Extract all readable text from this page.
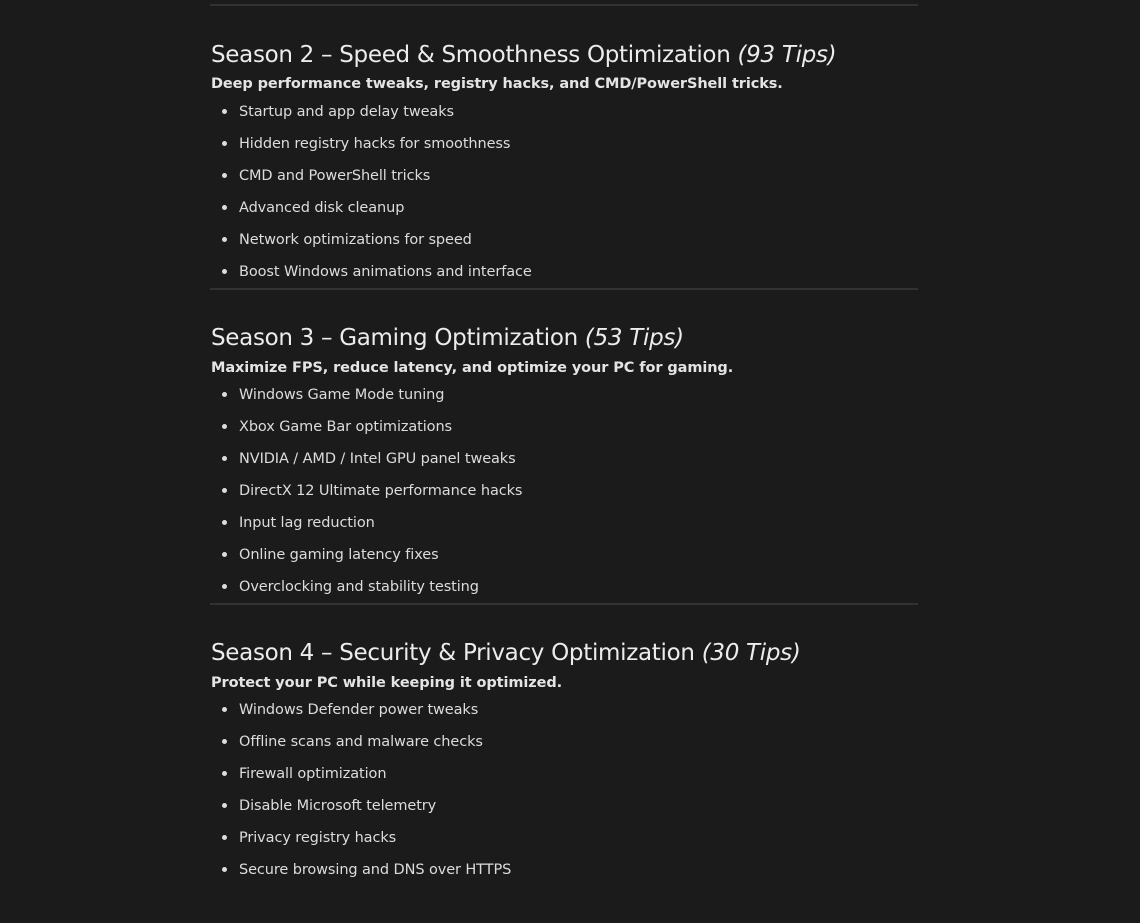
Season 2 – Speed & Smoothness Optimization (93 Tips)

Deep performance tweaks, registry hacks, and CMD/PowerShell tricks.

Startup and app delay tweaks
Hidden registry hacks for smoothness
CMD and PowerShell tricks
Advanced disk cleanup
Network optimizations for speed
Boost Windows animations and interface
Season 3 – Gaming Optimization (53 Tips)

Maximize FPS, reduce latency, and optimize your PC for gaming.

Windows Game Mode tuning
Xbox Game Bar optimizations
NVIDIA / AMD / Intel GPU panel tweaks
DirectX 12 Ultimate performance hacks
Input lag reduction
Online gaming latency fixes
Overclocking and stability testing
Season 4 – Security & Privacy Optimization (30 Tips)

Protect your PC while keeping it optimized.

Windows Defender power tweaks
Offline scans and malware checks
Firewall optimization
Disable Microsoft telemetry
Privacy registry hacks
Secure browsing and DNS over HTTPS
